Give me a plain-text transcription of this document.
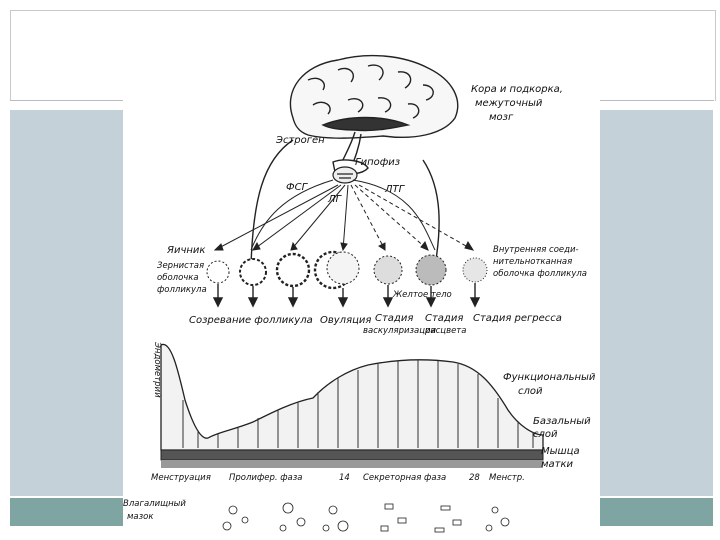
Кора и подкорка,
межуточный
мозг
Эстроген
Гипофиз
ФСГ
ЛГ
ЛТГ
Яичник
Зернистая
оболочка
фолликула
Внутренняя соеди-
нительнотканная
оболочка фолликула
Желтое тело
Созревание фолликула Овуляция Стадия
васкуляризации
Стадия
расцвета
Стадия регресса
Эндометрий	Функциональный
слой
Базальный
слой
Мышца
матки
Менструация Пролифер. фаза	14 Секреторная фаза	28 Менстр.
Влагалищный
мазок
